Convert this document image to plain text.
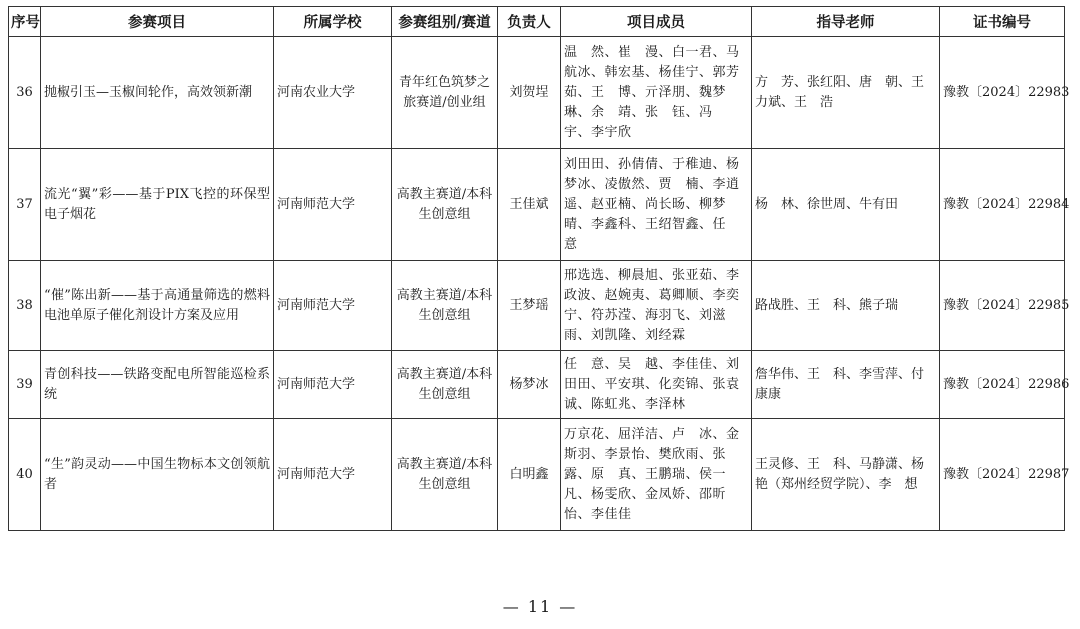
序号	参赛项目	所属学校	参赛组别/赛道	负责人	项目成员	指导老师	证书编号
36	抛椒引玉—玉椒间轮作，高效领新潮	河南农业大学	青年红色筑梦之旅赛道/创业组	刘贺埕	温　然、崔　漫、白一君、马航冰、韩宏基、杨佳宁、郭芳茹、王　博、亓泽朋、魏梦琳、余　靖、张　钰、冯　宇、李宇欣	方　芳、张红阳、唐　朝、王力斌、王　浩	豫教〔2024〕22983
37	流光“翼”彩——基于PIX飞控的环保型电子烟花	河南师范大学	高教主赛道/本科生创意组	王佳斌	刘田田、孙倩倩、于稚迪、杨梦冰、凌傲然、贾　楠、李逍遥、赵亚楠、尚长旸、柳梦晴、李鑫科、王绍智鑫、任　意	杨　林、徐世周、牛有田	豫教〔2024〕22984
38	“催”陈出新——基于高通量筛选的燃料电池单原子催化剂设计方案及应用	河南师范大学	高教主赛道/本科生创意组	王梦瑶	邢选选、柳晨旭、张亚茹、李政波、赵婉夷、葛卿顺、李奕宁、符苏滢、海羽飞、刘滋雨、刘凯隆、刘经霖	路战胜、王　科、熊子瑞	豫教〔2024〕22985
39	青创科技——铁路变配电所智能巡检系统	河南师范大学	高教主赛道/本科生创意组	杨梦冰	任　意、吴　越、李佳佳、刘田田、平安琪、化奕锦、张袁诚、陈虹兆、李泽林	詹华伟、王　科、李雪萍、付康康	豫教〔2024〕22986
40	“生”韵灵动——中国生物标本文创领航者	河南师范大学	高教主赛道/本科生创意组	白明鑫	万京花、屈洋洁、卢　冰、金斯羽、李景怡、樊欣雨、张　露、原　真、王鹏瑞、侯一凡、杨雯欣、金凤娇、邵昕怡、李佳佳	王灵修、王　科、马静潇、杨　艳（郑州经贸学院）、李　想	豫教〔2024〕22987
— 11 —
